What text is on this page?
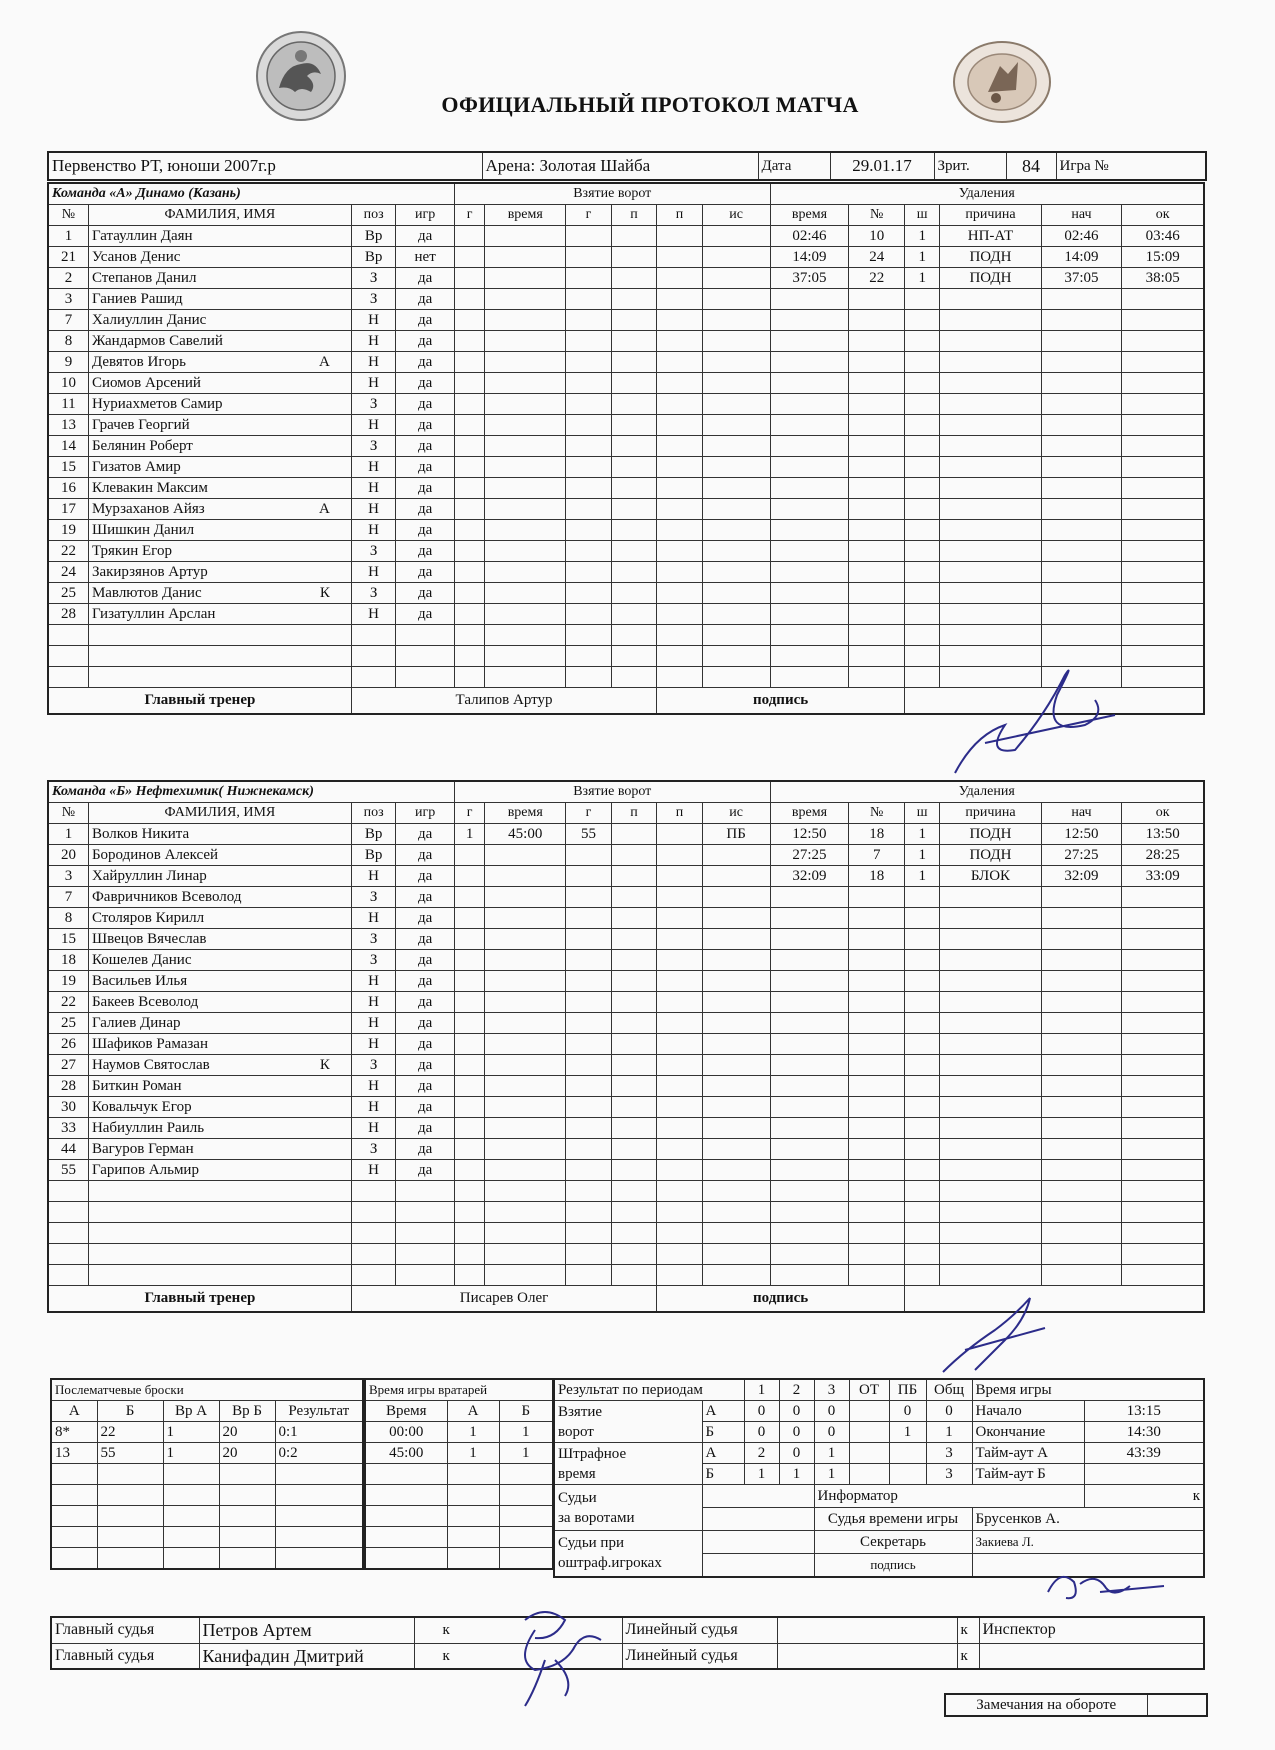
ОФИЦИАЛЬНЫЙ ПРОТОКОЛ МАТЧА
Первенство РТ, юноши 2007г.р	Арена: Золотая Шайба	Дата	29.01.17	Зрит.	84	Игра №
Команда «А» Динамо (Казань)				Взятие ворот						Удаления					
№	ФАМИЛИЯ, ИМЯ	поз	игр	г	время	г	п	п	ис	время	№	ш	причина	нач	ок
1	Гатауллин Даян	Вр	да							02:46	10	1	НП-АТ	02:46	03:46
21	Усанов Денис	Вр	нет							14:09	24	1	ПОДН	14:09	15:09
2	Степанов Данил	З	да							37:05	22	1	ПОДН	37:05	38:05
3	Ганиев Рашид	З	да												
7	Халиуллин Данис	Н	да												
8	Жандармов Савелий	Н	да												
9	Девятов Игорь А	Н	да												
10	Сиомов Арсений	Н	да												
11	Нуриахметов Самир	З	да												
13	Грачев Георгий	Н	да												
14	Белянин Роберт	З	да												
15	Гизатов Амир	Н	да												
16	Клевакин Максим	Н	да												
17	Мурзаханов Айяз А	Н	да												
19	Шишкин Данил	Н	да												
22	Трякин Егор	З	да												
24	Закирзянов Артур	Н	да												
25	Мавлютов Данис К	З	да												
28	Гизатуллин Арслан	Н	да												

Главный тренер		Талипов Артур						подпись							
Команда «Б» Нефтехимик( Нижнекамск)				Взятие ворот						Удаления					
№	ФАМИЛИЯ, ИМЯ	поз	игр	г	время	г	п	п	ис	время	№	ш	причина	нач	ок
1	Волков Никита	Вр	да	1	45:00	55			ПБ	12:50	18	1	ПОДН	12:50	13:50
20	Бородинов Алексей	Вр	да							27:25	7	1	ПОДН	27:25	28:25
3	Хайруллин Линар	Н	да							32:09	18	1	БЛОК	32:09	33:09
7	Фавричников Всеволод	З	да												
8	Столяров Кирилл	Н	да												
15	Швецов Вячеслав	З	да												
18	Кошелев Данис	З	да												
19	Васильев Илья	Н	да												
22	Бакеев Всеволод	Н	да												
25	Галиев Динар	Н	да												
26	Шафиков Рамазан	Н	да												
27	Наумов Святослав К	З	да												
28	Биткин Роман	Н	да												
30	Ковальчук Егор	Н	да												
33	Набиуллин Раиль	Н	да												
44	Вагуров Герман	З	да												
55	Гарипов Альмир	Н	да												

Главный тренер		Писарев Олег						подпись							
Послематчевые броски				
А	Б	Вр А	Вр Б	Результат
8*	22	1	20	0:1
13	55	1	20	0:2

Время игры вратарей		
Время	А	Б
00:00	1	1
45:00	1	1

Результат по периодам		1	2	3	ОТ	ПБ	Общ	Время игры	
Взятие
ворот	А	0	0	0		0	0	Начало	13:15
	Б	0	0	0		1	1	Окончание	14:30
Штрафное
время	А	2	0	1			3	Тайм-аут А	43:39
	Б	1	1	1			3	Тайм-аут Б	
Судьи
за воротами				Информатор					к
				Судья времени игры				Брусенков А.	
Судьи при
оштраф.игроках				Секретарь				Закиева Л.	
				подпись					
Главный судья	Петров Артем	к	Линейный судья		к	Инспектор
Главный судья	Канифадин Дмитрий	к	Линейный судья		к	
Замечания на обороте	
